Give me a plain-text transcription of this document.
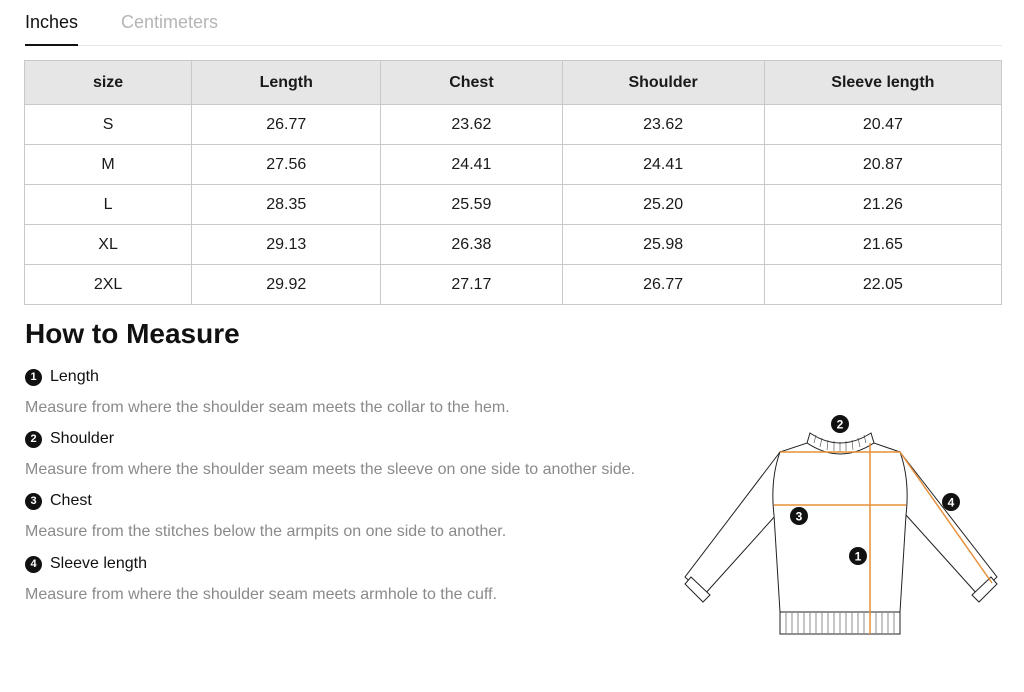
Inches Centimeters
size	Length	Chest	Shoulder	Sleeve length
S	26.77	23.62	23.62	20.47
M	27.56	24.41	24.41	20.87
L	28.35	25.59	25.20	21.26
XL	29.13	26.38	25.98	21.65
2XL	29.92	27.17	26.77	22.05
How to Measure
1 Length
Measure from where the shoulder seam meets the collar to the hem.
2 Shoulder
Measure from where the shoulder seam meets the sleeve on one side to another side.
3 Chest
Measure from the stitches below the armpits on one side to another.
4 Sleeve length
Measure from where the shoulder seam meets armhole to the cuff.
2
4
3
1
